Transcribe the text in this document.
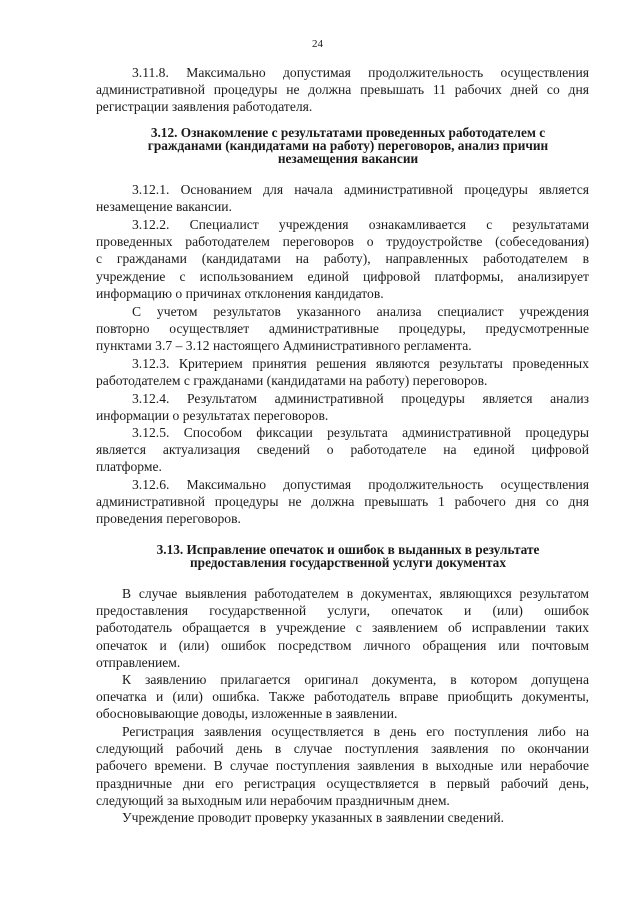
24
3.11.8. Максимально допустимая продолжительность осуществления
административной процедуры не должна превышать 11 рабочих дней со дня
регистрации заявления работодателя.
3.12. Ознакомление с результатами проведенных работодателем с
гражданами (кандидатами на работу) переговоров, анализ причин
незамещения вакансии
3.12.1. Основанием для начала административной процедуры является
незамещение вакансии.
3.12.2. Специалист учреждения ознакамливается с результатами
проведенных работодателем переговоров о трудоустройстве (собеседования)
с гражданами (кандидатами на работу), направленных работодателем в
учреждение с использованием единой цифровой платформы, анализирует
информацию о причинах отклонения кандидатов.
С учетом результатов указанного анализа специалист учреждения
повторно осуществляет административные процедуры, предусмотренные
пунктами 3.7 – 3.12 настоящего Административного регламента.
3.12.3. Критерием принятия решения являются результаты проведенных
работодателем с гражданами (кандидатами на работу) переговоров.
3.12.4. Результатом административной процедуры является анализ
информации о результатах переговоров.
3.12.5. Способом фиксации результата административной процедуры
является актуализация сведений о работодателе на единой цифровой
платформе.
3.12.6. Максимально допустимая продолжительность осуществления
административной процедуры не должна превышать 1 рабочего дня со дня
проведения переговоров.
3.13. Исправление опечаток и ошибок в выданных в результате
предоставления государственной услуги документах
В случае выявления работодателем в документах, являющихся результатом
предоставления государственной услуги, опечаток и (или) ошибок
работодатель обращается в учреждение с заявлением об исправлении таких
опечаток и (или) ошибок посредством личного обращения или почтовым
отправлением.
К заявлению прилагается оригинал документа, в котором допущена
опечатка и (или) ошибка. Также работодатель вправе приобщить документы,
обосновывающие доводы, изложенные в заявлении.
Регистрация заявления осуществляется в день его поступления либо на
следующий рабочий день в случае поступления заявления по окончании
рабочего времени. В случае поступления заявления в выходные или нерабочие
праздничные дни его регистрация осуществляется в первый рабочий день,
следующий за выходным или нерабочим праздничным днем.
Учреждение проводит проверку указанных в заявлении сведений.
